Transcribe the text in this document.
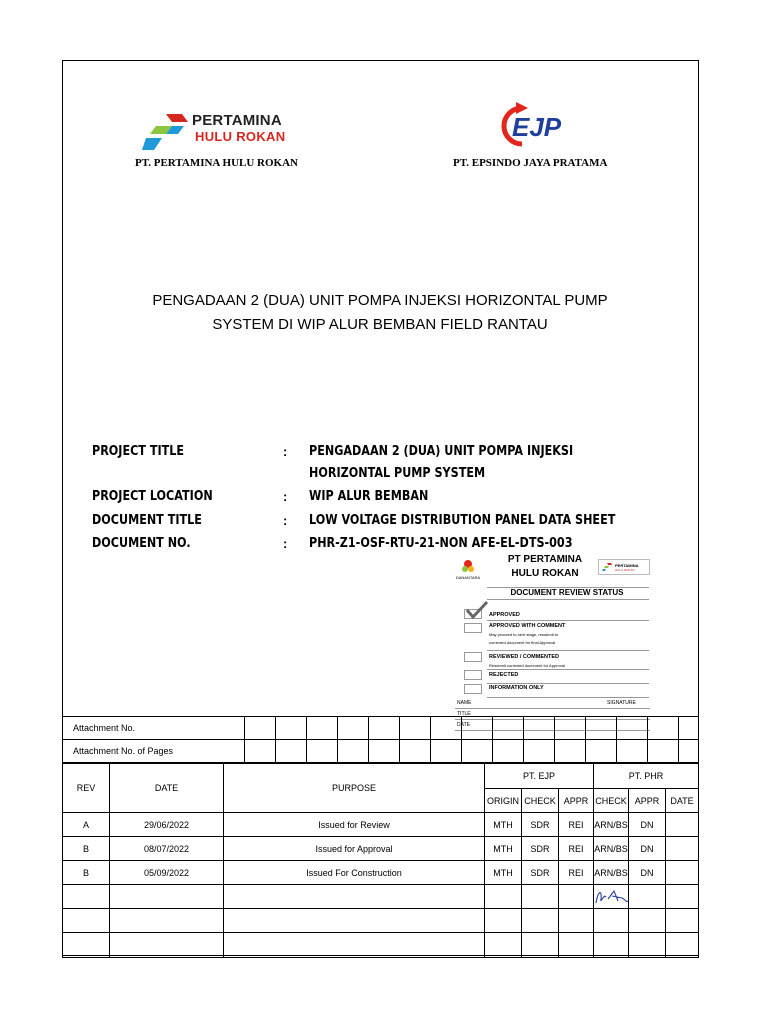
PERTAMINA
HULU ROKAN
PT. PERTAMINA HULU ROKAN
EJP
PT. EPSINDO JAYA PRATAMA
PENGADAAN 2 (DUA) UNIT POMPA INJEKSI HORIZONTAL PUMP
SYSTEM DI WIP ALUR BEMBAN FIELD RANTAU
PROJECT TITLE	: PENGADAAN 2 (DUA) UNIT POMPA INJEKSI
HORIZONTAL PUMP SYSTEM
PROJECT LOCATION	: WIP ALUR BEMBAN
DOCUMENT TITLE	: LOW VOLTAGE DISTRIBUTION PANEL DATA SHEET
DOCUMENT NO.	: PHR-Z1-OSF-RTU-21-NON AFE-EL-DTS-003
DANANTARA
PT PERTAMINA
HULU ROKAN
PERTAMINA
HULU ROKAN
DOCUMENT REVIEW STATUS
APPROVED
APPROVED WITH COMMENT
May proceed to next stage, resubmit to
corrected document for final Approval
REVIEWED / COMMENTED
Resubmit corrected document for Approval
REJECTED
INFORMATION ONLY
NAME	SIGNATURE
TITLE
DATE
Attachment No.															
Attachment No. of Pages															
REV	DATE	PURPOSE	PT. EJP			PT. PHR		
			ORIGIN	CHECK	APPR	CHECK	APPR	DATE
A	29/06/2022	Issued for Review	MTH	SDR	REI	ARN/BS	DN	
B	08/07/2022	Issued for Approval	MTH	SDR	REI	ARN/BS	DN	
B	05/09/2022	Issued For Construction	MTH	SDR	REI	ARN/BS	DN	
